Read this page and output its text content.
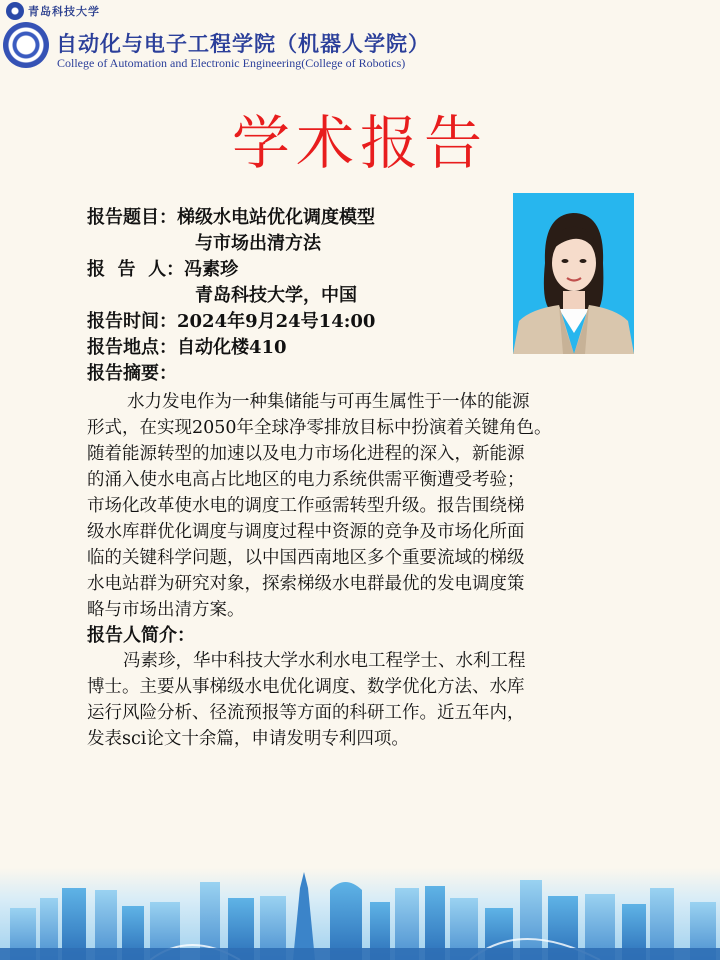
青岛科技大学
自动化与电子工程学院（机器人学院）
College of Automation and Electronic Engineering(College of Robotics)
学术报告
报告题目：梯级水电站优化调度模型
与市场出清方法
报  告  人：冯素珍
青岛科技大学，中国
报告时间：2024年9月24号14:00
报告地点：自动化楼410
报告摘要：
水力发电作为一种集储能与可再生属性于一体的能源
形式，在实现2050年全球净零排放目标中扮演着关键角色。
随着能源转型的加速以及电力市场化进程的深入，新能源
的涌入使水电高占比地区的电力系统供需平衡遭受考验；
市场化改革使水电的调度工作亟需转型升级。报告围绕梯
级水库群优化调度与调度过程中资源的竞争及市场化所面
临的关键科学问题，以中国西南地区多个重要流域的梯级
水电站群为研究对象，探索梯级水电群最优的发电调度策
略与市场出清方案。
报告人简介：
冯素珍，华中科技大学水利水电工程学士、水利工程
博士。主要从事梯级水电优化调度、数学优化方法、水库
运行风险分析、径流预报等方面的科研工作。近五年内，
发表sci论文十余篇，申请发明专利四项。
